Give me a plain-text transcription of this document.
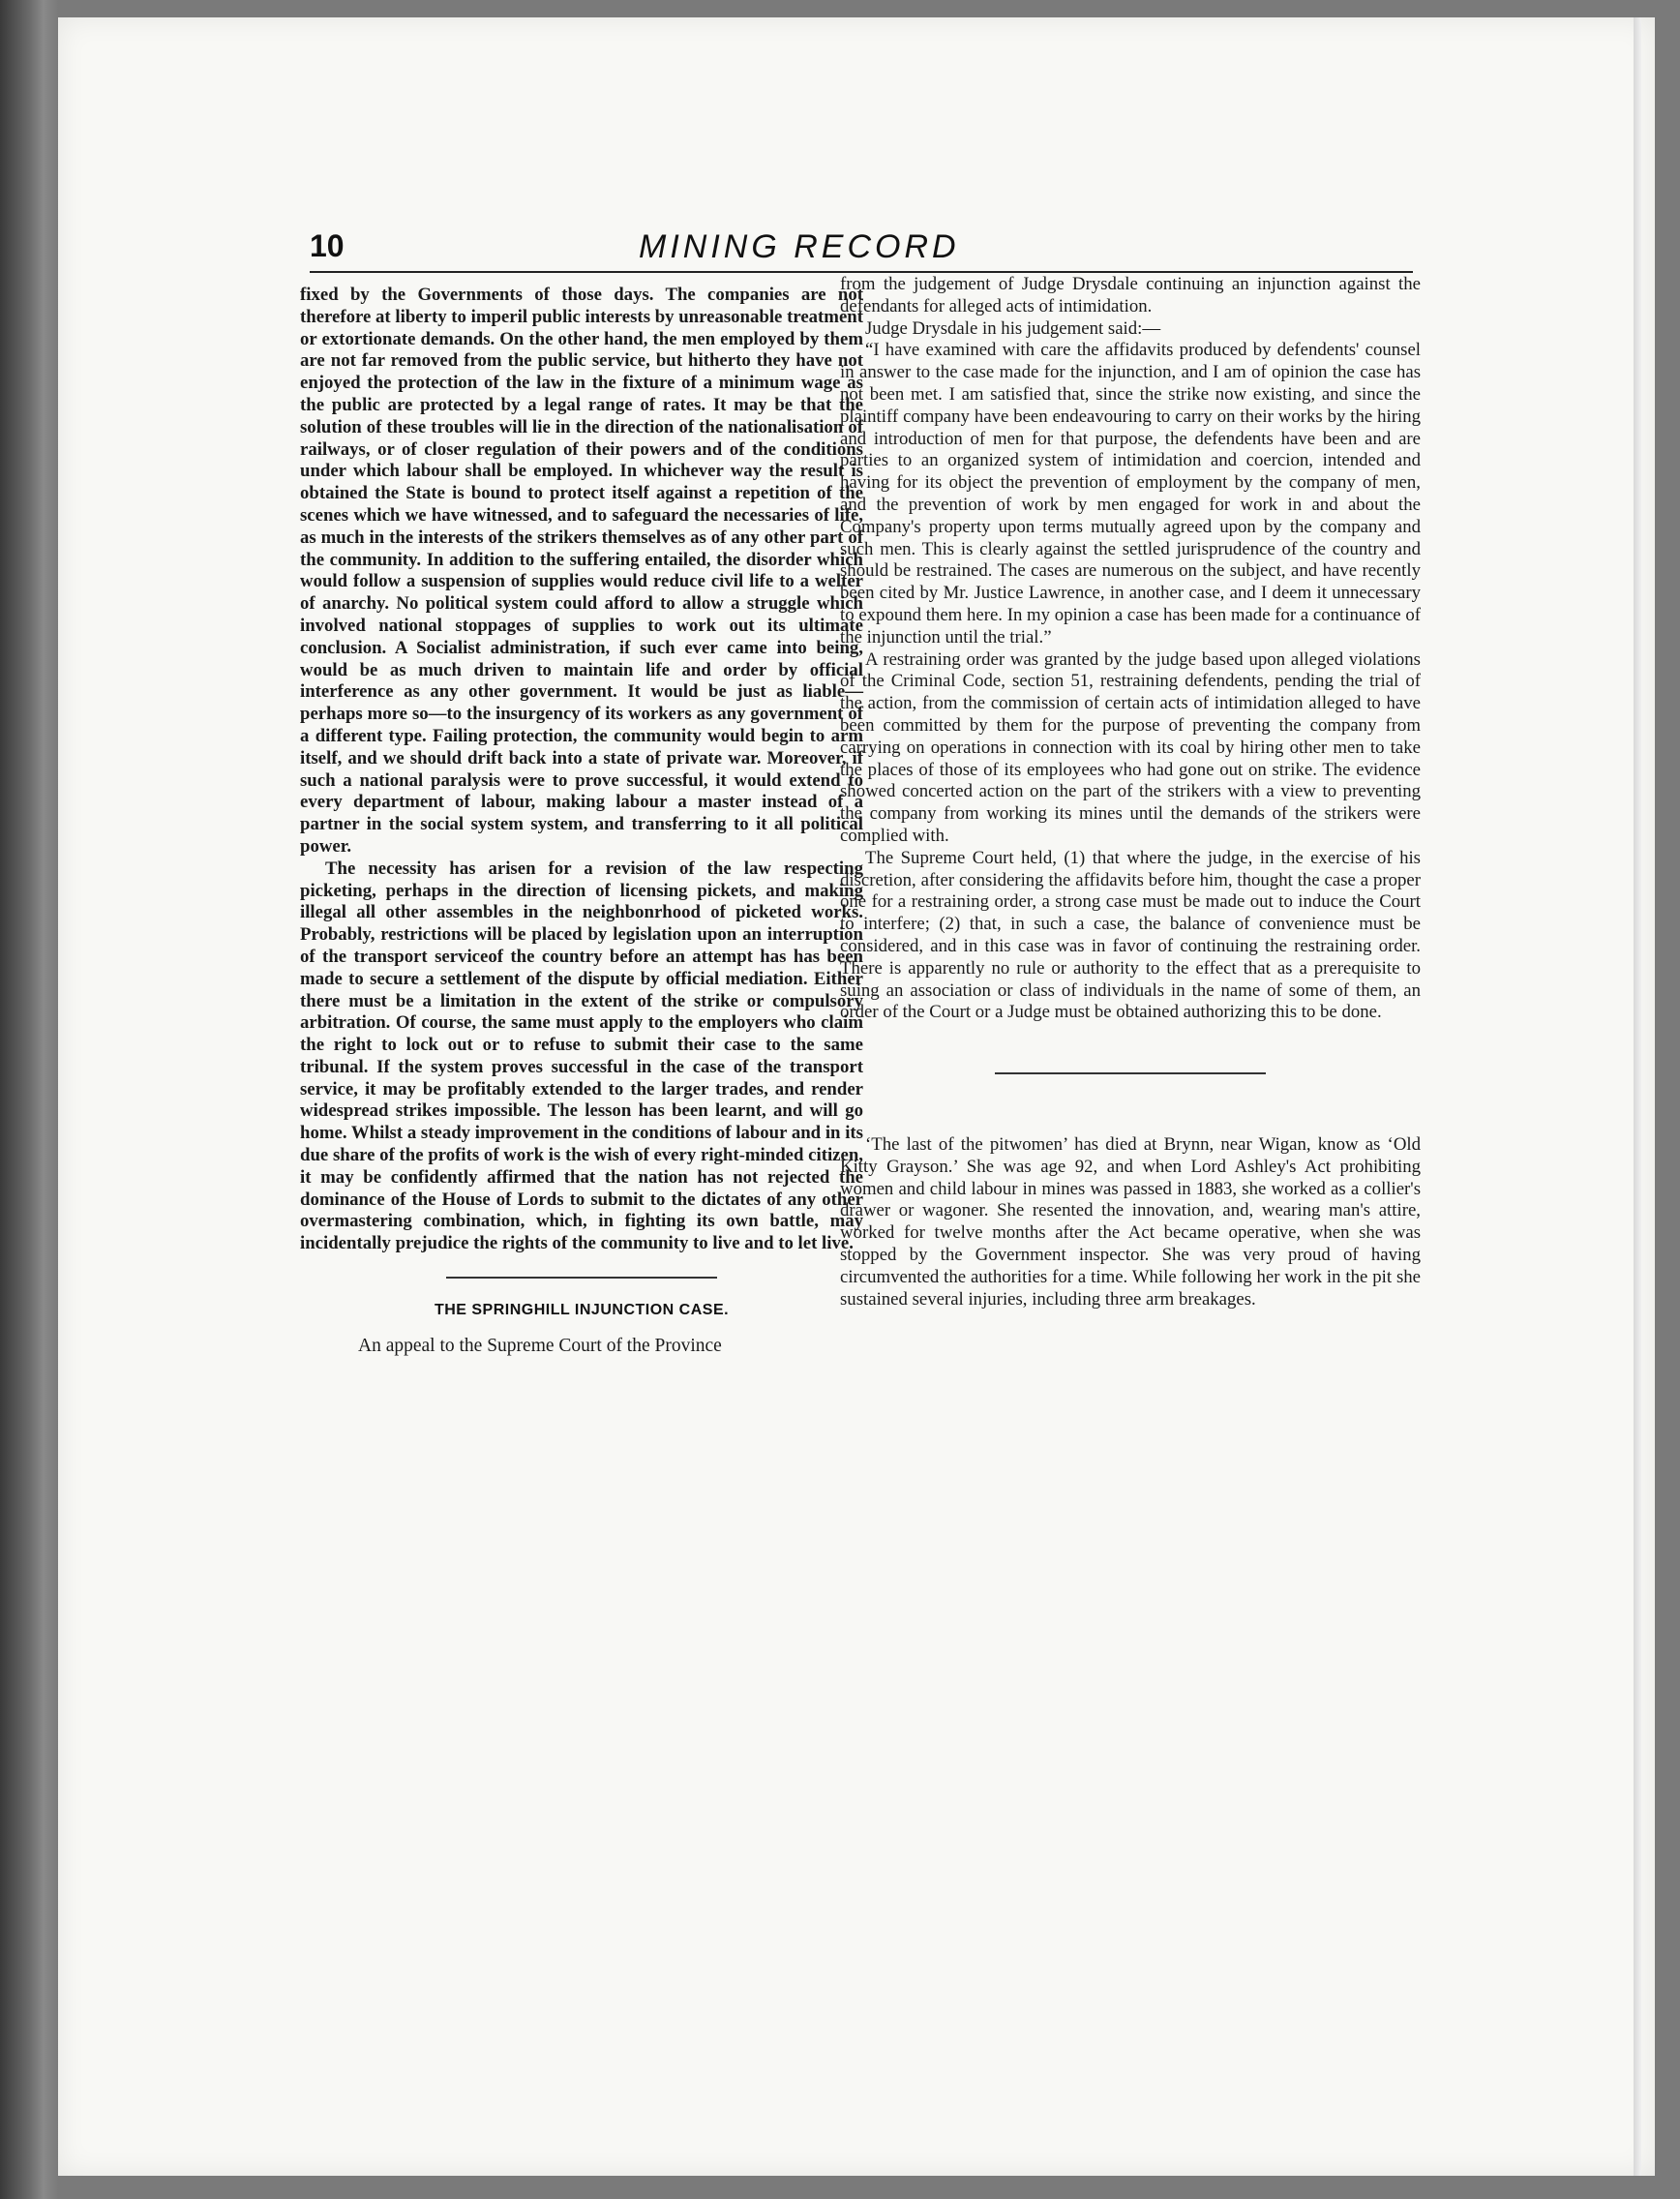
10	MINING RECORD

fixed by the Governments of those days. The companies are not therefore at liberty to imperil public interests by unreasonable treatment or extortionate demands. On the other hand, the men employed by them are not far removed from the public service, but hitherto they have not enjoyed the protection of the law in the fixture of a minimum wage as the public are protected by a legal range of rates. It may be that the solution of these troubles will lie in the direction of the nationalisation of railways, or of closer regulation of their powers and of the conditions under which labour shall be employed. In whichever way the result is obtained the State is bound to protect itself against a repetition of the scenes which we have witnessed, and to safeguard the necessaries of life, as much in the interests of the strikers themselves as of any other part of the community. In addition to the suffering entailed, the disorder which would follow a suspension of supplies would reduce civil life to a welter of anarchy. No political system could afford to allow a struggle which involved national stoppages of supplies to work out its ultimate conclusion. A Socialist administration, if such ever came into being, would be as much driven to maintain life and order by official interference as any other government. It would be just as liable—perhaps more so—to the insurgency of its workers as any government of a different type. Failing protection, the community would begin to arm itself, and we should drift back into a state of private war. Moreover, if such a national paralysis were to prove successful, it would extend to every department of labour, making labour a master instead of a partner in the social system system, and transferring to it all political power.

The necessity has arisen for a revision of the law respecting picketing, perhaps in the direction of licensing pickets, and making illegal all other assembles in the neighbonrhood of picketed works. Probably, restrictions will be placed by legislation upon an interruption of the transport serviceof the country before an attempt has has been made to secure a settlement of the dispute by official mediation. Either there must be a limitation in the extent of the strike or compulsory arbitration. Of course, the same must apply to the employers who claim the right to lock out or to refuse to submit their case to the same tribunal. If the system proves successful in the case of the transport service, it may be profitably extended to the larger trades, and render widespread strikes impossible. The lesson has been learnt, and will go home. Whilst a steady improvement in the conditions of labour and in its due share of the profits of work is the wish of every right-minded citizen, it may be confidently affirmed that the nation has not rejected the dominance of the House of Lords to submit to the dictates of any other overmastering combination, which, in fighting its own battle, may incidentally prejudice the rights of the community to live and to let live.

THE SPRINGHILL INJUNCTION CASE.

An appeal to the Supreme Court of the Province

from the judgement of Judge Drysdale continuing an injunction against the defendants for alleged acts of intimidation.

Judge Drysdale in his judgement said:—

“I have examined with care the affidavits produced by defendents' counsel in answer to the case made for the injunction, and I am of opinion the case has not been met. I am satisfied that, since the strike now existing, and since the plaintiff company have been endeavouring to carry on their works by the hiring and introduction of men for that purpose, the defendents have been and are parties to an organized system of intimidation and coercion, intended and having for its object the prevention of employment by the company of men, and the prevention of work by men engaged for work in and about the Company's property upon terms mutually agreed upon by the company and such men. This is clearly against the settled jurisprudence of the country and should be restrained. The cases are numerous on the subject, and have recently been cited by Mr. Justice Lawrence, in another case, and I deem it unnecessary to expound them here. In my opinion a case has been made for a continuance of the injunction until the trial.”

A restraining order was granted by the judge based upon alleged violations of the Criminal Code, section 51, restraining defendents, pending the trial of the action, from the commission of certain acts of intimidation alleged to have been committed by them for the purpose of preventing the company from carrying on operations in connection with its coal by hiring other men to take the places of those of its employees who had gone out on strike. The evidence showed concerted action on the part of the strikers with a view to preventing the company from working its mines until the demands of the strikers were complied with.

The Supreme Court held, (1) that where the judge, in the exercise of his discretion, after considering the affidavits before him, thought the case a proper one for a restraining order, a strong case must be made out to induce the Court to interfere; (2) that, in such a case, the balance of convenience must be considered, and in this case was in favor of continuing the restraining order. There is apparently no rule or authority to the effect that as a prerequisite to suing an association or class of individuals in the name of some of them, an order of the Court or a Judge must be obtained authorizing this to be done.

‘The last of the pitwomen’ has died at Brynn, near Wigan, know as ‘Old Kitty Grayson.’ She was age 92, and when Lord Ashley's Act prohibiting women and child labour in mines was passed in 1883, she worked as a collier's drawer or wagoner. She resented the innovation, and, wearing man's attire, worked for twelve months after the Act became operative, when she was stopped by the Government inspector. She was very proud of having circumvented the authorities for a time. While following her work in the pit she sustained several injuries, including three arm breakages.
